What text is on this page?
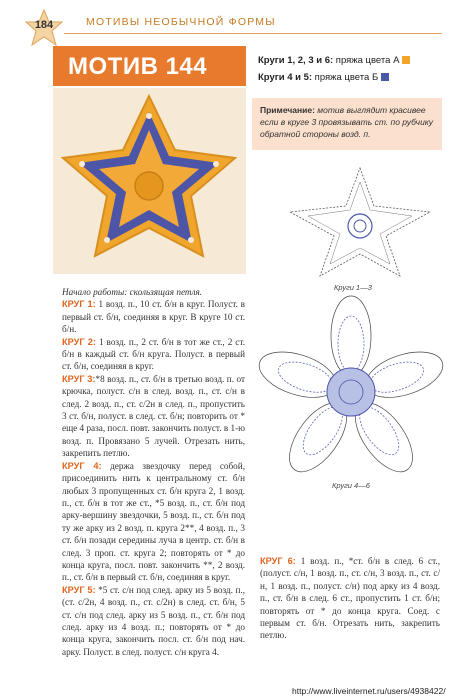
184	МОТИВЫ НЕОБЫЧНОЙ ФОРМЫ
МОТИВ 144	Круги 1, 2, 3 и 6: пряжа цвета А
Круги 4 и 5: пряжа цвета Б
Примечание: мотив выглядит красивее если в круге 3 провязывать ст. по рубчику обратной стороны возд. п.
Круги 1—3
Круги 4—6

Начало работы: скользящая петля.

КРУГ 1: 1 возд. п., 10 ст. б/н в круг. Полуст. в первый ст. б/н, соединяя в круг. В круге 10 ст. б/н.

КРУГ 2: 1 возд. п., 2 ст. б/н в тот же ст., 2 ст. б/н в каждый ст. б/н круга. Полуст. в первый ст. б/н, соединяя в круг.

КРУГ 3:*8 возд. п., ст. б/н в третью возд. п. от крючка, полуст. с/н в след. возд. п., ст. с/н в след. 2 возд. п., ст. с/2н в след. п., пропустить 3 ст. б/н, полуст. в след. ст. б/н; повторить от * еще 4 раза, посл. повт. закончить полуст. в 1-ю возд. п. Провязано 5 лучей. Отрезать нить, закрепить петлю.

КРУГ 4: держа звездочку перед собой, присоединить нить к центральному ст. б/н любых 3 пропущенных ст. б/н круга 2, 1 возд. п., ст. б/н в тот же ст., *5 возд. п., ст. б/н под арку-вершину звездочки, 5 возд. п., ст. б/н под ту же арку из 2 возд. п. круга 2**, 4 возд. п., 3 ст. б/н позади середины луча в центр. ст. б/н в след. 3 проп. ст. круга 2; повторять от * до конца круга, посл. повт. закончить **, 2 возд. п., ст. б/н в первый ст. б/н, соединяя в круг.

КРУГ 5: *5 ст. с/н под след. арку из 5 возд. п., (ст. с/2н, 4 возд. п., ст. с/2н) в след. ст. б/н, 5 ст. с/н под след. арку из 5 возд. п., ст. б/н под след. арку из 4 возд. п.; повторять от * до конца круга, закончить посл. ст. б/н под нач. арку. Полуст. в след. полуст. с/н круга 4.

КРУГ 6: 1 возд. п., *ст. б/н в след. 6 ст., (полуст. с/н, 1 возд. п., ст. с/н, 3 возд. п., ст. с/н, 1 возд. п., полуст. с/н) под арку из 4 возд. п., ст. б/н в след. 6 ст., пропустить 1 ст. б/н; повторять от * до конца круга. Соед. с первым ст. б/н. Отрезать нить, закрепить петлю.

http://www.liveinternet.ru/users/4938422/
